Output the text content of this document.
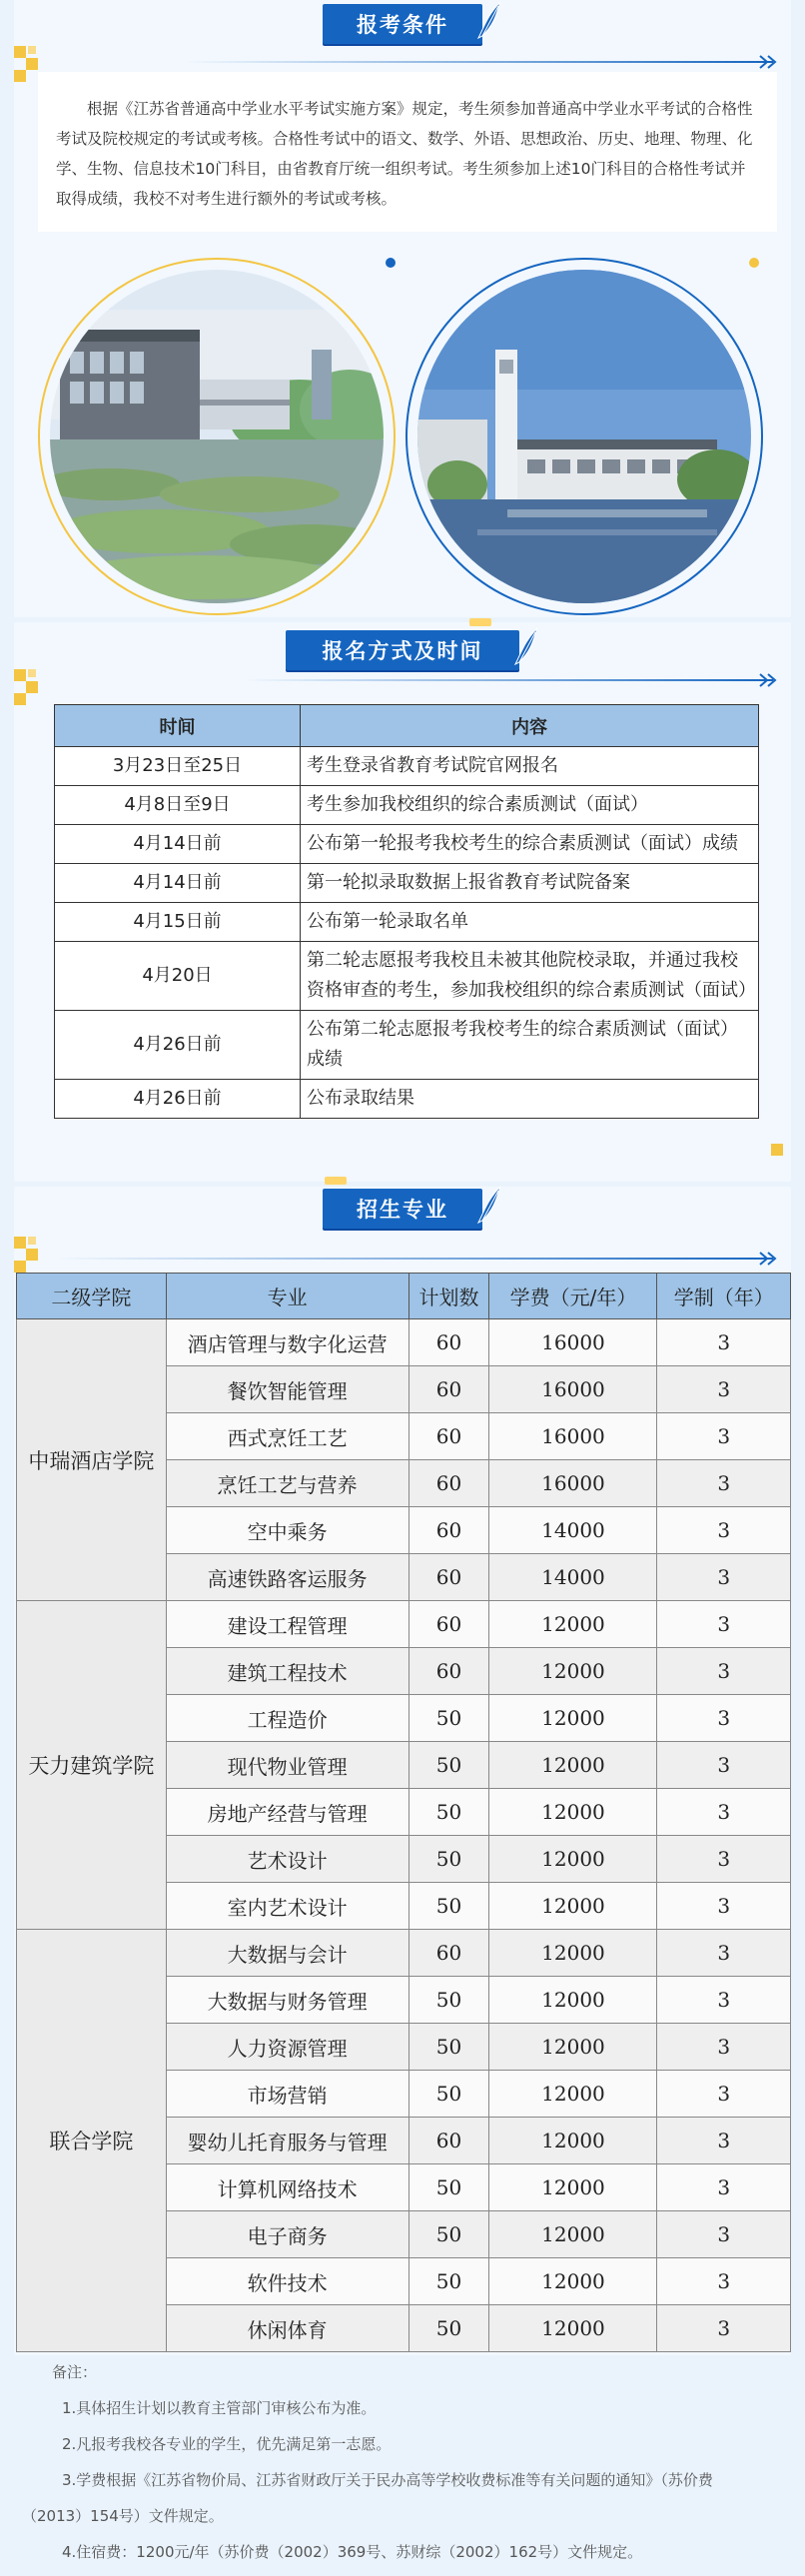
报考条件
根据《江苏省普通高中学业水平考试实施方案》规定，考生须参加普通高中学业水平考试的合格性考试及院校规定的考试或考核。合格性考试中的语文、数学、外语、思想政治、历史、地理、物理、化学、生物、信息技术10门科目，由省教育厅统一组织考试。考生须参加上述10门科目的合格性考试并取得成绩，我校不对考生进行额外的考试或考核。
报名方式及时间
时间	内容
3月23日至25日	考生登录省教育考试院官网报名
4月8日至9日	考生参加我校组织的综合素质测试（面试）
4月14日前	公布第一轮报考我校考生的综合素质测试（面试）成绩
4月14日前	第一轮拟录取数据上报省教育考试院备案
4月15日前	公布第一轮录取名单
4月20日	第二轮志愿报考我校且未被其他院校录取，并通过我校资格审查的考生，参加我校组织的综合素质测试（面试）
4月26日前	公布第二轮志愿报考我校考生的综合素质测试（面试）成绩
4月26日前	公布录取结果
招生专业
二级学院	专业	计划数	学费（元/年）	学制（年）
中瑞酒店学院	酒店管理与数字化运营	60	16000	3
	餐饮智能管理	60	16000	3
	西式烹饪工艺	60	16000	3
	烹饪工艺与营养	60	16000	3
	空中乘务	60	14000	3
	高速铁路客运服务	60	14000	3
天力建筑学院	建设工程管理	60	12000	3
	建筑工程技术	60	12000	3
	工程造价	50	12000	3
	现代物业管理	50	12000	3
	房地产经营与管理	50	12000	3
	艺术设计	50	12000	3
	室内艺术设计	50	12000	3
联合学院	大数据与会计	60	12000	3
	大数据与财务管理	50	12000	3
	人力资源管理	50	12000	3
	市场营销	50	12000	3
	婴幼儿托育服务与管理	60	12000	3
	计算机网络技术	50	12000	3
	电子商务	50	12000	3
	软件技术	50	12000	3
	休闲体育	50	12000	3
备注：
1.具体招生计划以教育主管部门审核公布为准。
2.凡报考我校各专业的学生，优先满足第一志愿。
3.学费根据《江苏省物价局、江苏省财政厅关于民办高等学校收费标准等有关问题的通知》（苏价费
（2013）154号）文件规定。
4.住宿费：1200元/年（苏价费（2002）369号、苏财综（2002）162号）文件规定。
